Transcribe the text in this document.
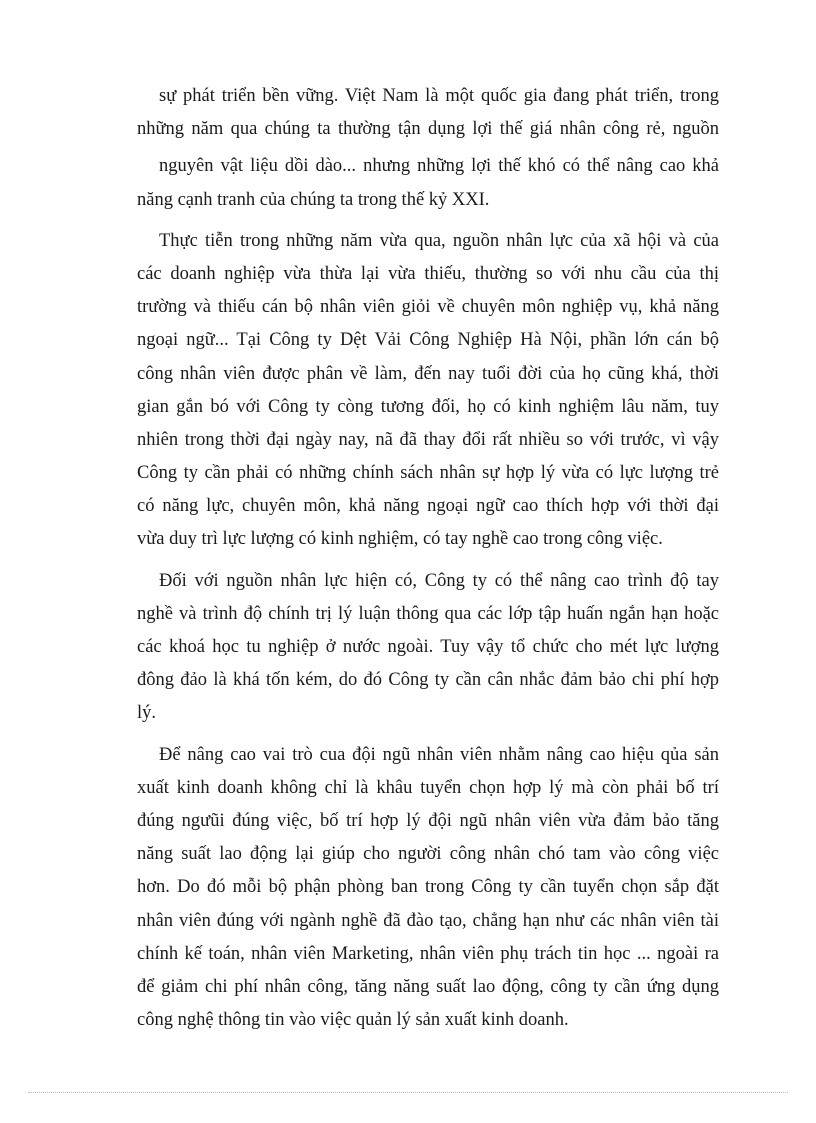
sự phát triển bền vững. Việt Nam là một quốc gia đang phát triển, trong

những năm qua chúng ta thường tận dụng lợi thế giá nhân công rẻ, nguồn

nguyên vật liệu dồi dào... nhưng những lợi thế khó có thể nâng cao khả

năng cạnh tranh của chúng ta trong thế kỷ XXI.

Thực tiễn trong những năm vừa qua, nguồn nhân lực của xã hội và của

các doanh nghiệp vừa thừa lại vừa thiếu, thường so với nhu cầu của thị

trường và thiếu cán bộ nhân viên giỏi về chuyên môn nghiệp vụ, khả năng

ngoại ngữ... Tại Công ty Dệt Vải Công Nghiệp Hà Nội, phần lớn cán bộ

công nhân viên được phân về làm, đến nay tuổi đời của họ cũng khá, thời

gian gắn bó với Công ty còng tương đối, họ có kinh nghiệm lâu năm, tuy

nhiên trong thời đại ngày nay, nã đã thay đổi rất nhiều so với trước, vì vậy

Công ty cần phải có những chính sách nhân sự hợp lý vừa có lực lượng trẻ

có năng lực, chuyên môn, khả năng ngoại ngữ cao thích hợp với thời đại

vừa duy trì lực lượng có kinh nghiệm, có tay nghề cao trong công việc.

Đối với nguồn nhân lực hiện có, Công ty có thể nâng cao trình độ tay

nghề và trình độ chính trị lý luận thông qua các lớp tập huấn ngắn hạn hoặc

các khoá học tu nghiệp ở nước ngoài. Tuy vậy tổ chức cho mét lực lượng

đông đảo là khá tốn kém, do đó Công ty cần cân nhắc đảm bảo chi phí hợp

lý.

Để nâng cao vai trò cua đội ngũ nhân viên nhằm nâng cao hiệu qủa sản

xuất kinh doanh không chỉ là khâu tuyển chọn hợp lý mà còn phải bố trí

đúng ngưũi đúng việc, bố trí hợp lý đội ngũ nhân viên vừa đảm bảo tăng

năng suất lao động lại giúp cho người công nhân chó tam vào công việc

hơn. Do đó mỗi bộ phận phòng ban trong Công ty cần tuyển chọn sắp đặt

nhân viên đúng với ngành nghề đã đào tạo, chẳng hạn như các nhân viên tài

chính kế toán, nhân viên Marketing, nhân viên phụ trách tin học ... ngoài ra

để giảm chi phí nhân công, tăng năng suất lao động, công ty cần ứng dụng

công nghệ thông tin vào việc quản lý sản xuất kinh doanh.
